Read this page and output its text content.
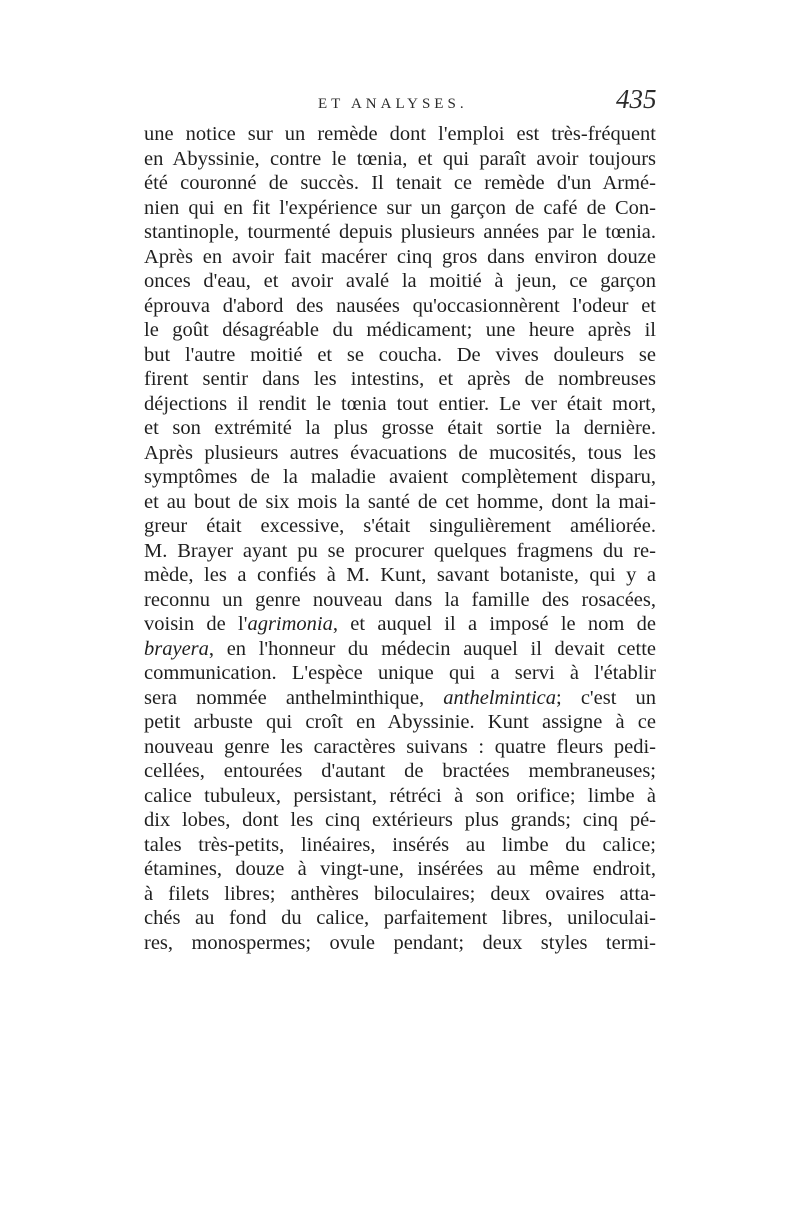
ET ANALYSES.	435
une notice sur un remède dont l'emploi est très-fréquent
en Abyssinie, contre le tœnia, et qui paraît avoir toujours
été couronné de succès. Il tenait ce remède d'un Armé-
nien qui en fit l'expérience sur un garçon de café de Con-
stantinople, tourmenté depuis plusieurs années par le tœnia.
Après en avoir fait macérer cinq gros dans environ douze
onces d'eau, et avoir avalé la moitié à jeun, ce garçon
éprouva d'abord des nausées qu'occasionnèrent l'odeur et
le goût désagréable du médicament; une heure après il
but l'autre moitié et se coucha. De vives douleurs se
firent sentir dans les intestins, et après de nombreuses
déjections il rendit le tœnia tout entier. Le ver était mort,
et son extrémité la plus grosse était sortie la dernière.
Après plusieurs autres évacuations de mucosités, tous les
symptômes de la maladie avaient complètement disparu,
et au bout de six mois la santé de cet homme, dont la mai-
greur était excessive, s'était singulièrement améliorée.
M. Brayer ayant pu se procurer quelques fragmens du re-
mède, les a confiés à M. Kunt, savant botaniste, qui y a
reconnu un genre nouveau dans la famille des rosacées,
voisin de l'agrimonia, et auquel il a imposé le nom de
brayera, en l'honneur du médecin auquel il devait cette
communication. L'espèce unique qui a servi à l'établir
sera nommée anthelminthique, anthelmintica; c'est un
petit arbuste qui croît en Abyssinie. Kunt assigne à ce
nouveau genre les caractères suivans : quatre fleurs pedi-
cellées, entourées d'autant de bractées membraneuses;
calice tubuleux, persistant, rétréci à son orifice; limbe à
dix lobes, dont les cinq extérieurs plus grands; cinq pé-
tales très-petits, linéaires, insérés au limbe du calice;
étamines, douze à vingt-une, insérées au même endroit,
à filets libres; anthères biloculaires; deux ovaires atta-
chés au fond du calice, parfaitement libres, uniloculai-
res, monospermes; ovule pendant; deux styles termi-
